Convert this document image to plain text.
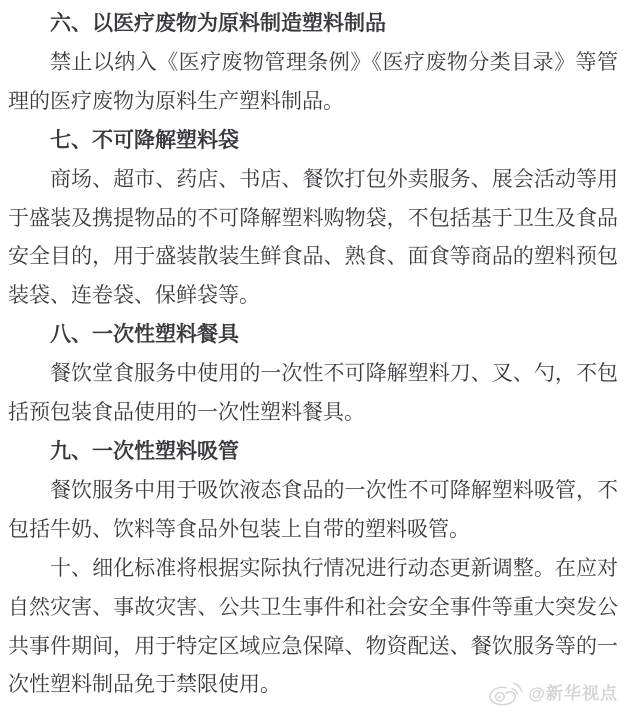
六、以医疗废物为原料制造塑料制品

禁止以纳入《医疗废物管理条例》《医疗废物分类目录》等管理的医疗废物为原料生产塑料制品。

七、不可降解塑料袋

商场、超市、药店、书店、餐饮打包外卖服务、展会活动等用于盛装及携提物品的不可降解塑料购物袋，不包括基于卫生及食品安全目的，用于盛装散装生鲜食品、熟食、面食等商品的塑料预包装袋、连卷袋、保鲜袋等。

八、一次性塑料餐具

餐饮堂食服务中使用的一次性不可降解塑料刀、叉、勺，不包括预包装食品使用的一次性塑料餐具。

九、一次性塑料吸管

餐饮服务中用于吸饮液态食品的一次性不可降解塑料吸管，不包括牛奶、饮料等食品外包装上自带的塑料吸管。

十、细化标准将根据实际执行情况进行动态更新调整。在应对自然灾害、事故灾害、公共卫生事件和社会安全事件等重大突发公共事件期间，用于特定区域应急保障、物资配送、餐饮服务等的一次性塑料制品免于禁限使用。	@新华视点
